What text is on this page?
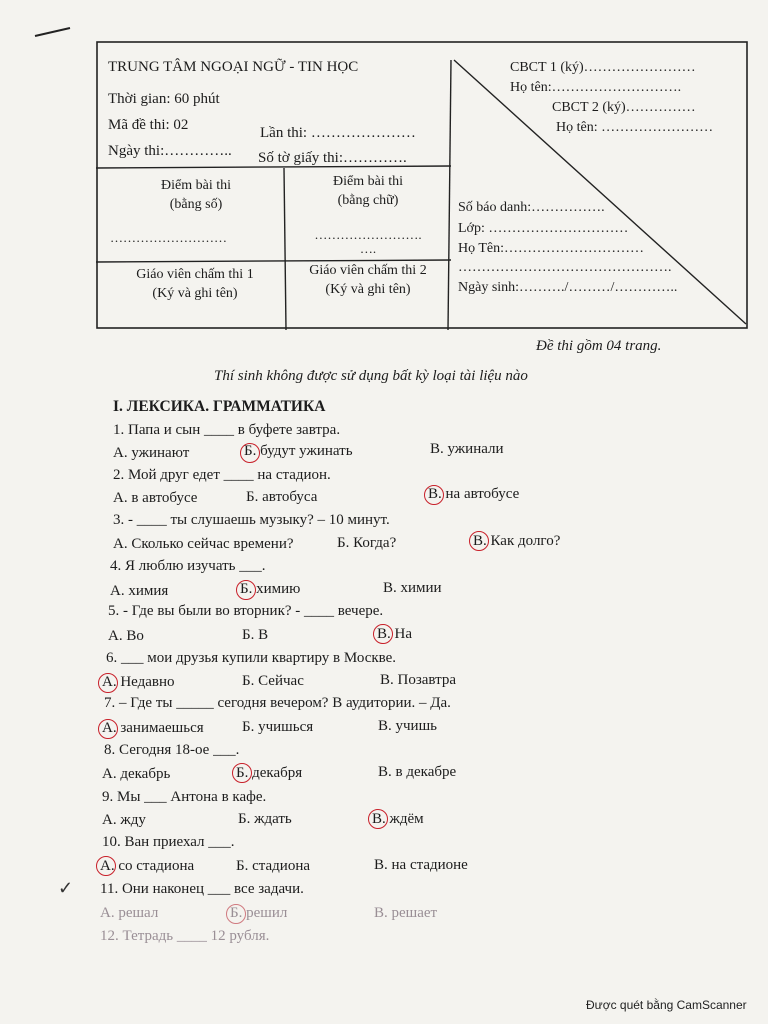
TRUNG TÂM NGOẠI NGỮ - TIN HỌC
Thời gian: 60 phút
Mã đề thi: 02	Lần thi: …………………
Ngày thi:………….. Số tờ giấy thi:………….
Điểm bài thi
(bằng số)
Điểm bài thi
(bằng chữ)
………………………	…………………….
….
Giáo viên chấm thi 1
(Ký và ghi tên)
Giáo viên chấm thi 2
(Ký và ghi tên)
CBCT 1 (ký)……………………
Họ tên:……………………….
CBCT 2 (ký)……………
Họ tên: ……………………
Số báo danh:…………….
Lớp: …………………………
Họ Tên:…………………………
……………………………………….
Ngày sinh:………./………/…………..
Đề thi gồm 04 trang.
Thí sinh không được sử dụng bất kỳ loại tài liệu nào
I. ЛЕКСИКА. ГРАММАТИКА
1. Папа и сын ____ в буфете завтра.
А. ужинают	Б. будут ужинать	В. ужинали
2. Мой друг едет ____ на стадион.
А. в автобусе	Б. автобуса	В. на автобусе
3. - ____ ты слушаешь музыку? – 10 минут.
А. Сколько сейчас времени?	Б. Когда?	В. Как долго?
4. Я люблю изучать ___.
А. химия	Б. химию	В. химии
5. - Где вы были во вторник? - ____ вечере.
А. Во	Б. В	В. На
6. ___ мои друзья купили квартиру в Москве.
А. Недавно	Б. Сейчас	В. Позавтра
7. – Где ты _____ сегодня вечером? В аудитории. – Да.
А. занимаешься	Б. учишься	В. учишь
8. Сегодня 18-ое ___.
А. декабрь	Б. декабря	В. в декабре
9. Мы ___ Антона в кафе.
А. жду	Б. ждать	В. ждём
10. Ван приехал ___.
А. со стадиона	Б. стадиона	В. на стадионе
✓ 11. Они наконец ___ все задачи.
А. решал	Б. решил	В. решает
12. Тетрадь ____ 12 рубля.
Được quét bằng CamScanner
